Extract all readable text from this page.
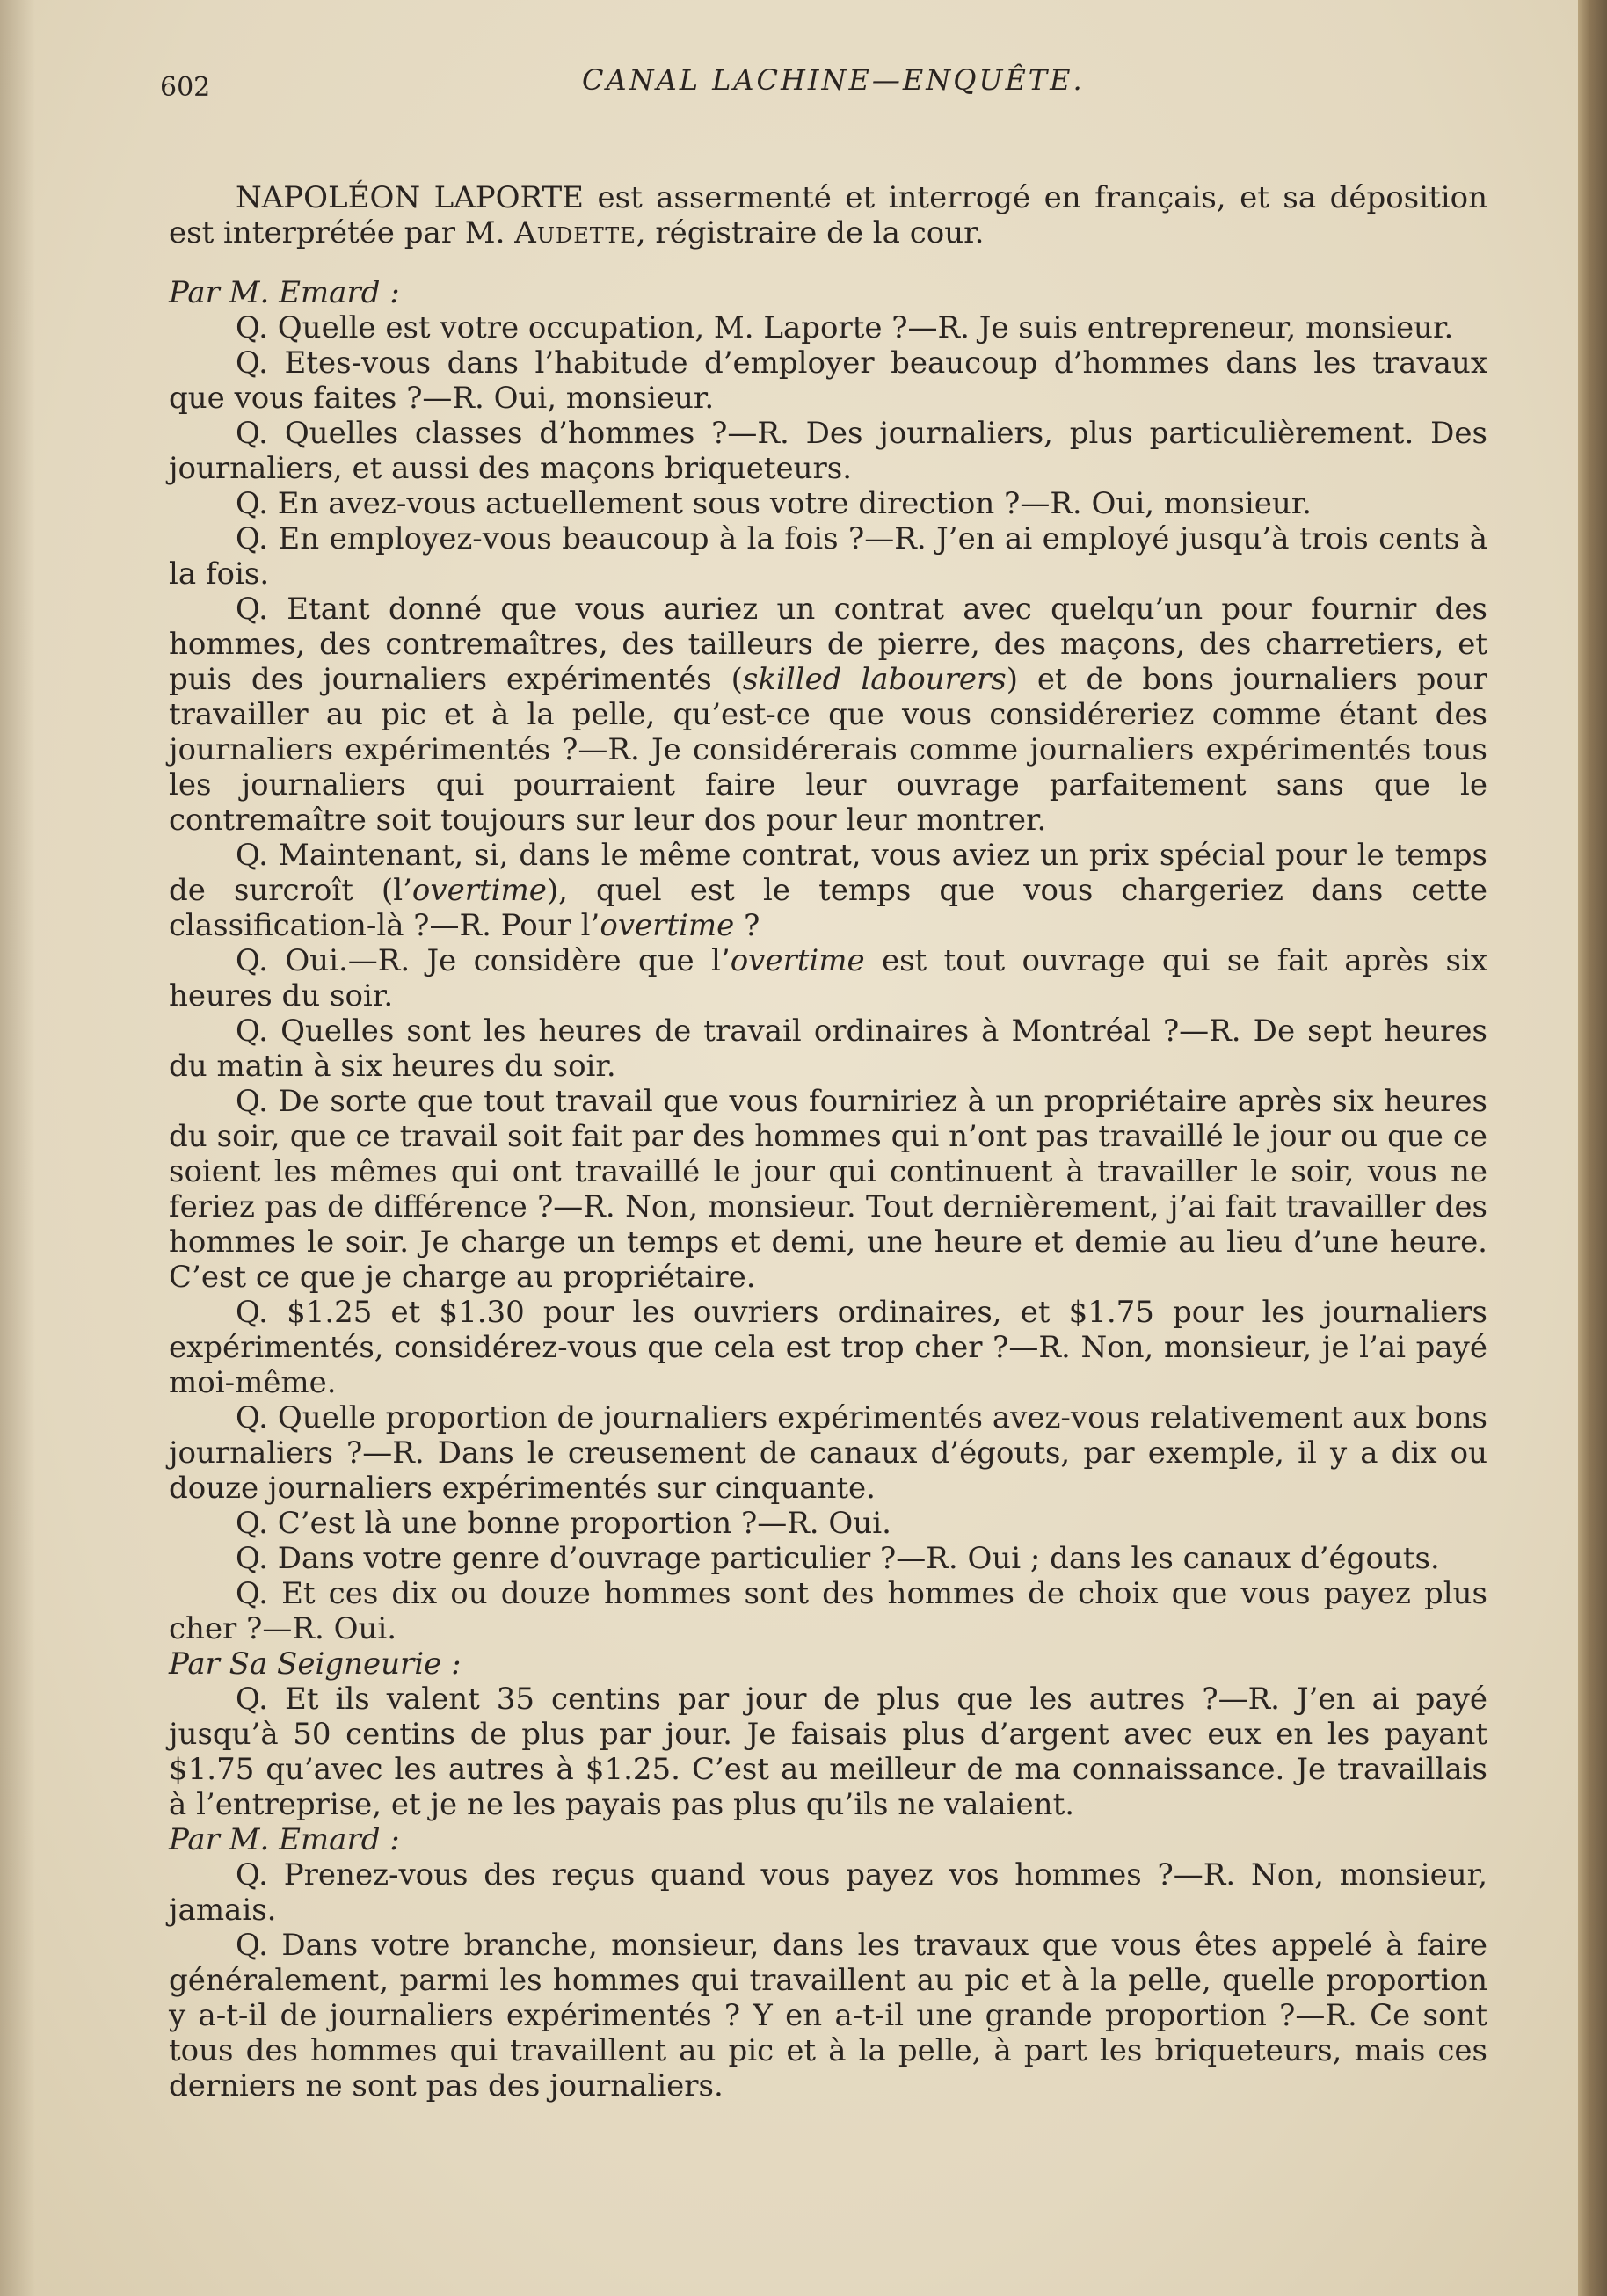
602	CANAL LACHINE—ENQUÊTE.

NAPOLÉON LAPORTE est assermenté et interrogé en français, et sa déposition est interprétée par M. Audette, régistraire de la cour.

Par M. Emard :

Q. Quelle est votre occupation, M. Laporte ?—R. Je suis entrepreneur, monsieur.

Q. Etes-vous dans l’habitude d’employer beaucoup d’hommes dans les travaux que vous faites ?—R. Oui, monsieur.

Q. Quelles classes d’hommes ?—R. Des journaliers, plus particulièrement. Des journaliers, et aussi des maçons briqueteurs.

Q. En avez-vous actuellement sous votre direction ?—R. Oui, monsieur.

Q. En employez-vous beaucoup à la fois ?—R. J’en ai employé jusqu’à trois cents à la fois.

Q. Etant donné que vous auriez un contrat avec quelqu’un pour fournir des hommes, des contremaîtres, des tailleurs de pierre, des maçons, des charretiers, et puis des journaliers expérimentés (skilled labourers) et de bons journaliers pour travailler au pic et à la pelle, qu’est-ce que vous considéreriez comme étant des journaliers expérimentés ?—R. Je considérerais comme journaliers expérimentés tous les journaliers qui pourraient faire leur ouvrage parfaitement sans que le contremaître soit toujours sur leur dos pour leur montrer.

Q. Maintenant, si, dans le même contrat, vous aviez un prix spécial pour le temps de surcroît (l’overtime), quel est le temps que vous chargeriez dans cette classification-là ?—R. Pour l’overtime ?

Q. Oui.—R. Je considère que l’overtime est tout ouvrage qui se fait après six heures du soir.

Q. Quelles sont les heures de travail ordinaires à Montréal ?—R. De sept heures du matin à six heures du soir.

Q. De sorte que tout travail que vous fourniriez à un propriétaire après six heures du soir, que ce travail soit fait par des hommes qui n’ont pas travaillé le jour ou que ce soient les mêmes qui ont travaillé le jour qui continuent à travailler le soir, vous ne feriez pas de différence ?—R. Non, monsieur. Tout dernièrement, j’ai fait travailler des hommes le soir. Je charge un temps et demi, une heure et demie au lieu d’une heure. C’est ce que je charge au propriétaire.

Q. $1.25 et $1.30 pour les ouvriers ordinaires, et $1.75 pour les journaliers expérimentés, considérez-vous que cela est trop cher ?—R. Non, monsieur, je l’ai payé moi-même.

Q. Quelle proportion de journaliers expérimentés avez-vous relativement aux bons journaliers ?—R. Dans le creusement de canaux d’égouts, par exemple, il y a dix ou douze journaliers expérimentés sur cinquante.

Q. C’est là une bonne proportion ?—R. Oui.

Q. Dans votre genre d’ouvrage particulier ?—R. Oui ; dans les canaux d’égouts.

Q. Et ces dix ou douze hommes sont des hommes de choix que vous payez plus cher ?—R. Oui.

Par Sa Seigneurie :

Q. Et ils valent 35 centins par jour de plus que les autres ?—R. J’en ai payé jusqu’à 50 centins de plus par jour. Je faisais plus d’argent avec eux en les payant $1.75 qu’avec les autres à $1.25. C’est au meilleur de ma connaissance. Je travaillais à l’entreprise, et je ne les payais pas plus qu’ils ne valaient.

Par M. Emard :

Q. Prenez-vous des reçus quand vous payez vos hommes ?—R. Non, monsieur, jamais.

Q. Dans votre branche, monsieur, dans les travaux que vous êtes appelé à faire généralement, parmi les hommes qui travaillent au pic et à la pelle, quelle proportion y a-t-il de journaliers expérimentés ? Y en a-t-il une grande proportion ?—R. Ce sont tous des hommes qui travaillent au pic et à la pelle, à part les briqueteurs, mais ces derniers ne sont pas des journaliers.
